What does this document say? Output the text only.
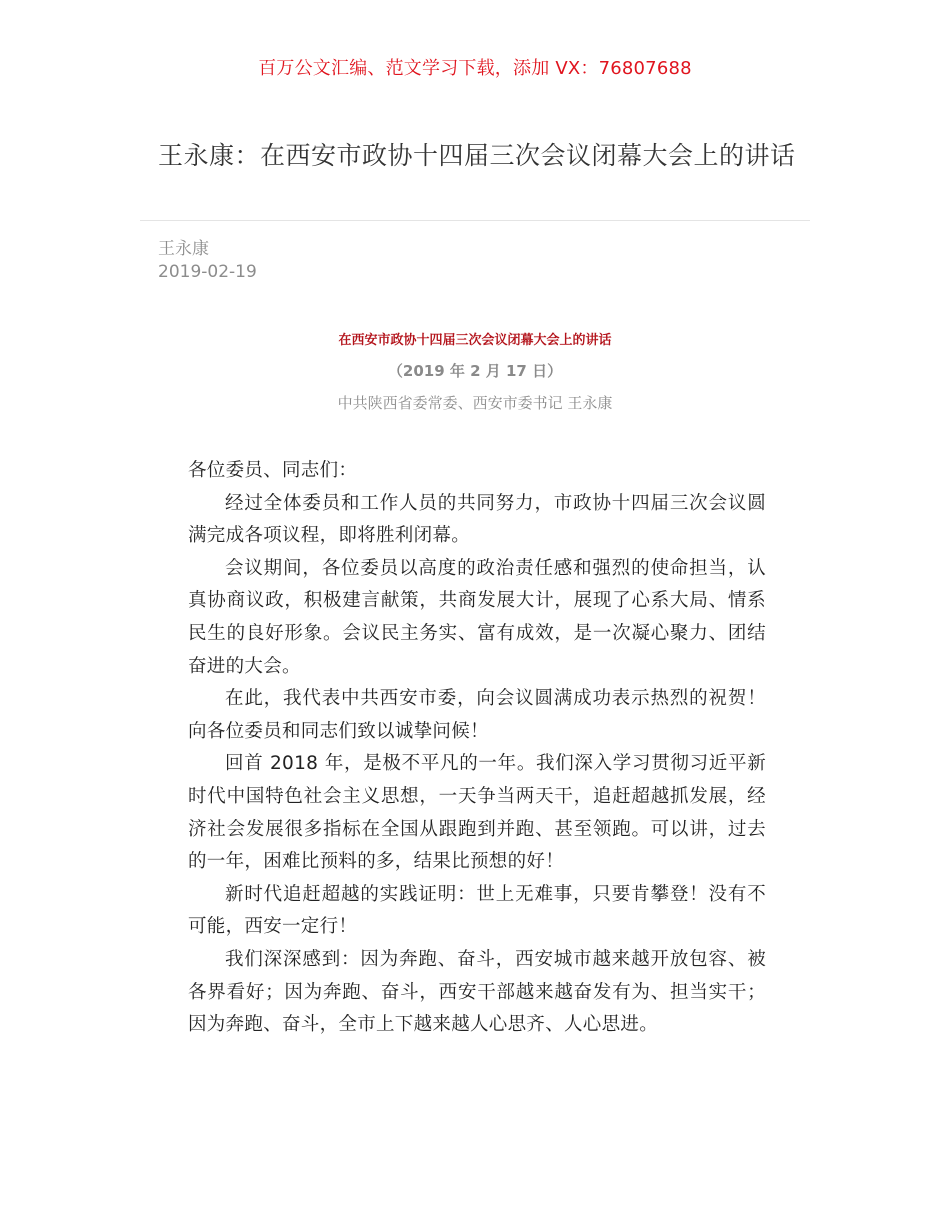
百万公文汇编、范文学习下载，添加 VX：76807688
王永康：在西安市政协十四届三次会议闭幕大会上的讲话
王永康
2019-02-19
在西安市政协十四届三次会议闭幕大会上的讲话
（2019 年 2 月 17 日）
中共陕西省委常委、西安市委书记 王永康

各位委员、同志们：

经过全体委员和工作人员的共同努力，市政协十四届三次会议圆满完成各项议程，即将胜利闭幕。

会议期间，各位委员以高度的政治责任感和强烈的使命担当，认真协商议政，积极建言献策，共商发展大计，展现了心系大局、情系民生的良好形象。会议民主务实、富有成效，是一次凝心聚力、团结奋进的大会。

在此，我代表中共西安市委，向会议圆满成功表示热烈的祝贺！向各位委员和同志们致以诚挚问候！

回首 2018 年，是极不平凡的一年。我们深入学习贯彻习近平新时代中国特色社会主义思想，一天争当两天干，追赶超越抓发展，经济社会发展很多指标在全国从跟跑到并跑、甚至领跑。可以讲，过去的一年，困难比预料的多，结果比预想的好！

新时代追赶超越的实践证明：世上无难事，只要肯攀登！没有不可能，西安一定行！

我们深深感到：因为奔跑、奋斗，西安城市越来越开放包容、被各界看好；因为奔跑、奋斗，西安干部越来越奋发有为、担当实干；因为奔跑、奋斗，全市上下越来越人心思齐、人心思进。
